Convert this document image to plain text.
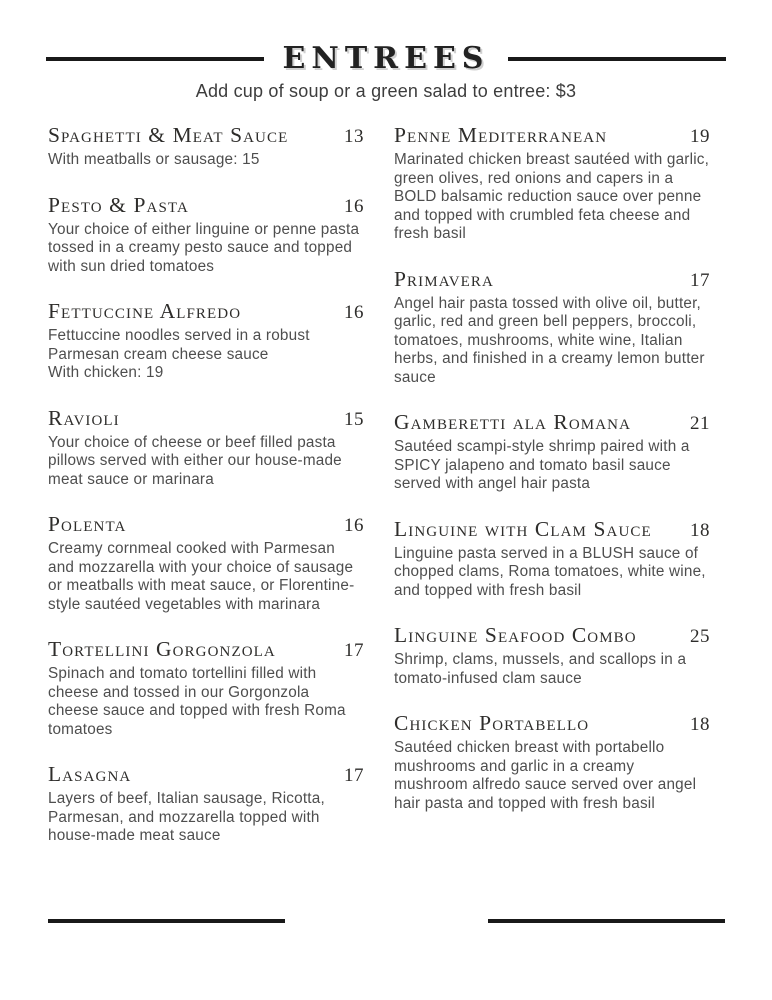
ENTREES
Add cup of soup or a green salad to entree: $3
Spaghetti & Meat Sauce	13
With meatballs or sausage: 15
Pesto & Pasta	16
Your choice of either linguine or penne pasta tossed in a creamy pesto sauce and topped with sun dried tomatoes
Fettuccine Alfredo	16
Fettuccine noodles served in a robust Parmesan cream cheese sauce
With chicken: 19
Ravioli	15
Your choice of cheese or beef filled pasta pillows served with either our house-made meat sauce or marinara
Polenta	16
Creamy cornmeal cooked with Parmesan and mozzarella with your choice of sausage or meatballs with meat sauce, or Florentine-style sautéed vegetables with marinara
Tortellini Gorgonzola	17
Spinach and tomato tortellini filled with cheese and tossed in our Gorgonzola cheese sauce and topped with fresh Roma tomatoes
Lasagna	17
Layers of beef, Italian sausage, Ricotta, Parmesan, and mozzarella topped with house-made meat sauce
Penne Mediterranean	19
Marinated chicken breast sautéed with garlic, green olives, red onions and capers in a BOLD balsamic reduction sauce over penne and topped with crumbled feta cheese and fresh basil
Primavera	17
Angel hair pasta tossed with olive oil, butter, garlic, red and green bell peppers, broccoli, tomatoes, mushrooms, white wine, Italian herbs, and finished in a creamy lemon butter sauce
Gamberetti ala Romana	21
Sautéed scampi-style shrimp paired with a SPICY jalapeno and tomato basil sauce served with angel hair pasta
Linguine with Clam Sauce 18
Linguine pasta served in a BLUSH sauce of chopped clams, Roma tomatoes, white wine, and topped with fresh basil
Linguine Seafood Combo	25
Shrimp, clams, mussels, and scallops in a tomato-infused clam sauce
Chicken Portabello	18
Sautéed chicken breast with portabello mushrooms and garlic in a creamy mushroom alfredo sauce served over angel hair pasta and topped with fresh basil
